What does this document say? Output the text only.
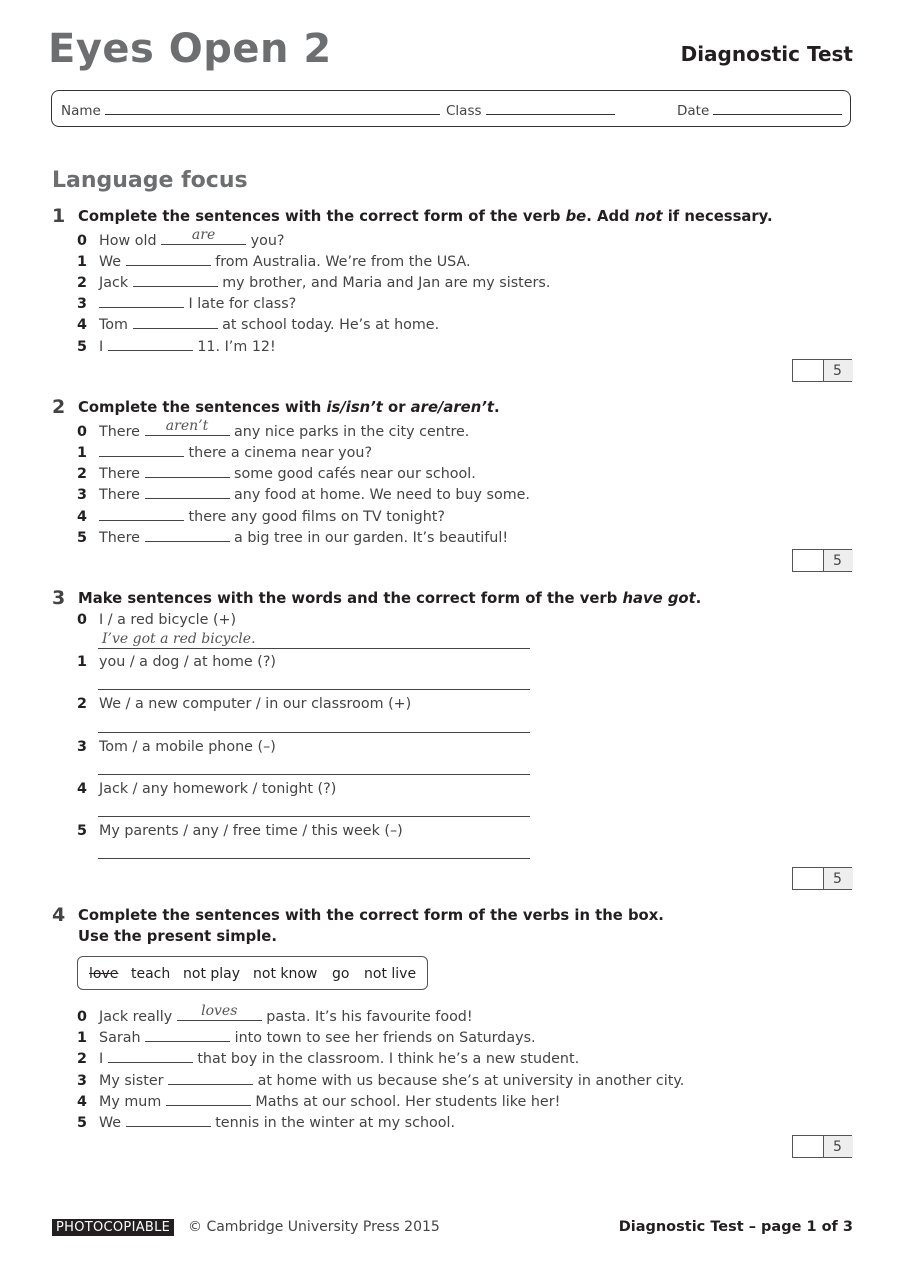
Eyes Open 2	Diagnostic Test
Name	Class	Date
Language focus
1 Complete the sentences with the correct form of the verb be. Add not if necessary.
0 How old	are	you?
1 We	from Australia. We’re from the USA.
2 Jack	my brother, and Maria and Jan are my sisters.
3	I late for class?
4 Tom	at school today. He’s at home.
5 I	11. I’m 12!
5
2 Complete the sentences with is/isn’t or are/aren’t.
0 There	aren’t	any nice parks in the city centre.
1	there a cinema near you?
2 There	some good cafés near our school.
3 There	any food at home. We need to buy some.
4	there any good films on TV tonight?
5 There	a big tree in our garden. It’s beautiful!
5
3 Make sentences with the words and the correct form of the verb have got.
0 I / a red bicycle (+)
I’ve got a red bicycle.
1 you / a dog / at home (?)
2 We / a new computer / in our classroom (+)
3 Tom / a mobile phone (–)
4 Jack / any homework / tonight (?)
5 My parents / any / free time / this week (–)
5
4 Complete the sentences with the correct form of the verbs in the box.
Use the present simple.
love teach not play not know go not live
0 Jack really	loves	pasta. It’s his favourite food!
1 Sarah	into town to see her friends on Saturdays.
2 I	that boy in the classroom. I think he’s a new student.
3 My sister	at home with us because she’s at university in another city.
4 My mum	Maths at our school. Her students like her!
5 We	tennis in the winter at my school.
5
PHOTOCOPIABLE © Cambridge University Press 2015	Diagnostic Test – page 1 of 3
